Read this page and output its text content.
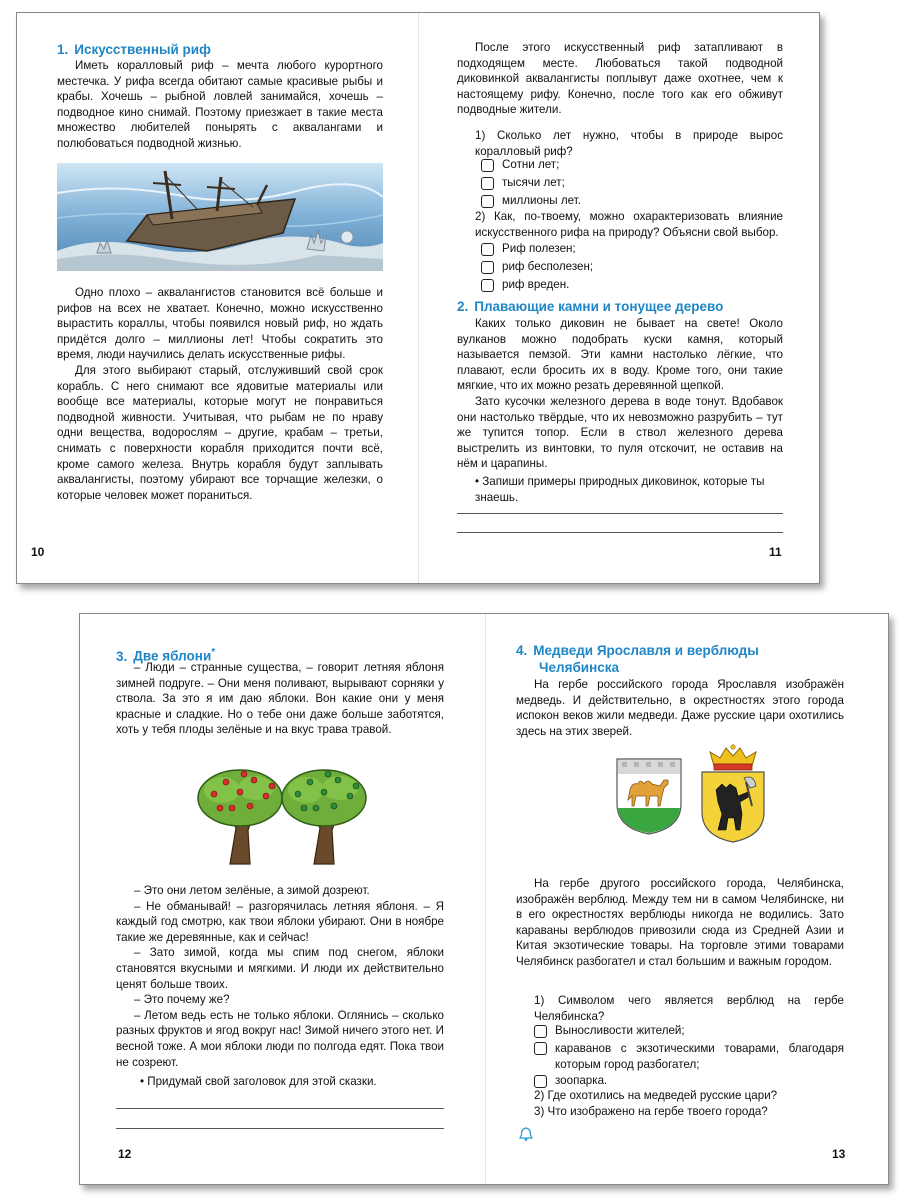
1. Искусственный риф

Иметь коралловый риф – мечта любого курортного местечка. У рифа всегда обитают самые красивые рыбы и крабы. Хочешь – рыбной ловлей занимайся, хочешь – подводное кино снимай. Поэтому приезжает в такие места множество любителей понырять с аквалангами и полюбоваться подводной жизнью.

Одно плохо – аквалангистов становится всё больше и рифов на всех не хватает. Конечно, можно искусственно вырастить кораллы, чтобы появился новый риф, но ждать придётся долго – миллионы лет! Чтобы сократить это время, люди научились делать искусственные рифы.

Для этого выбирают старый, отслуживший свой срок корабль. С него снимают все ядовитые материалы или вообще все материалы, которые могут не понравиться подводной живности. Учитывая, что рыбам не по нраву одни вещества, водорослям – другие, крабам – третьи, снимать с поверхности корабля приходится почти всё, кроме самого железа. Внутрь корабля будут заплывать аквалангисты, поэтому убирают все торчащие железки, о которые человек может пораниться.

10

После этого искусственный риф затапливают в подходящем месте. Любоваться такой подводной диковинкой аквалангисты поплывут даже охотнее, чем к настоящему рифу. Конечно, после того как его обживут подводные жители.

1) Сколько лет нужно, чтобы в природе вырос коралловый риф?
Сотни лет;
тысячи лет;
миллионы лет.
2) Как, по-твоему, можно охарактеризовать влияние искусственного рифа на природу? Объясни свой выбор.
Риф полезен;
риф бесполезен;
риф вреден.
2. Плавающие камни и тонущее дерево

Каких только диковин не бывает на свете! Около вулканов можно подобрать куски камня, который называется пемзой. Эти камни настолько лёгкие, что плавают, если бросить их в воду. Кроме того, они такие мягкие, что их можно резать деревянной щепкой.

Зато кусочки железного дерева в воде тонут. Вдобавок они настолько твёрдые, что их невозможно разрубить – тут же тупится топор. Если в ствол железного дерева выстрелить из винтовки, то пуля отскочит, не оставив на нём и царапины.

• Запиши примеры природных диковинок, которые ты знаешь.
11
3. Две яблони*

– Люди – странные существа, – говорит летняя яблоня зимней подруге. – Они меня поливают, вырывают сорняки у ствола. За это я им даю яблоки. Вон какие они у меня красные и сладкие. Но о тебе они даже больше заботятся, хоть у тебя плоды зелёные и на вкус трава травой.

– Это они летом зелёные, а зимой дозреют.

– Не обманывай! – разгорячилась летняя яблоня. – Я каждый год смотрю, как твои яблоки убирают. Они в ноябре такие же деревянные, как и сейчас!

– Зато зимой, когда мы спим под снегом, яблоки становятся вкусными и мягкими. И люди их действительно ценят больше твоих.

– Это почему же?

– Летом ведь есть не только яблоки. Оглянись – сколько разных фруктов и ягод вокруг нас! Зимой ничего этого нет. И весной тоже. А мои яблоки люди по полгода едят. Пока твои не созреют.

• Придумай свой заголовок для этой сказки.
12
4. Медведи Ярославля и верблюды
Челябинска

На гербе российского города Ярославля изображён медведь. И действительно, в окрестностях этого города испокон веков жили медведи. Даже русские цари охотились здесь на этих зверей.

На гербе другого российского города, Челябинска, изображён верблюд. Между тем ни в самом Челябинске, ни в его окрестностях верблюды никогда не водились. Зато караваны верблюдов привозили сюда из Средней Азии и Китая экзотические товары. На торговле этими товарами Челябинск разбогател и стал большим и важным городом.

1) Символом чего является верблюд на гербе Челябинска?
Выносливости жителей;
караванов с экзотическими товарами, благодаря которым город разбогател;
зоопарка.
2) Где охотились на медведей русские цари?
3) Что изображено на гербе твоего города?
13
